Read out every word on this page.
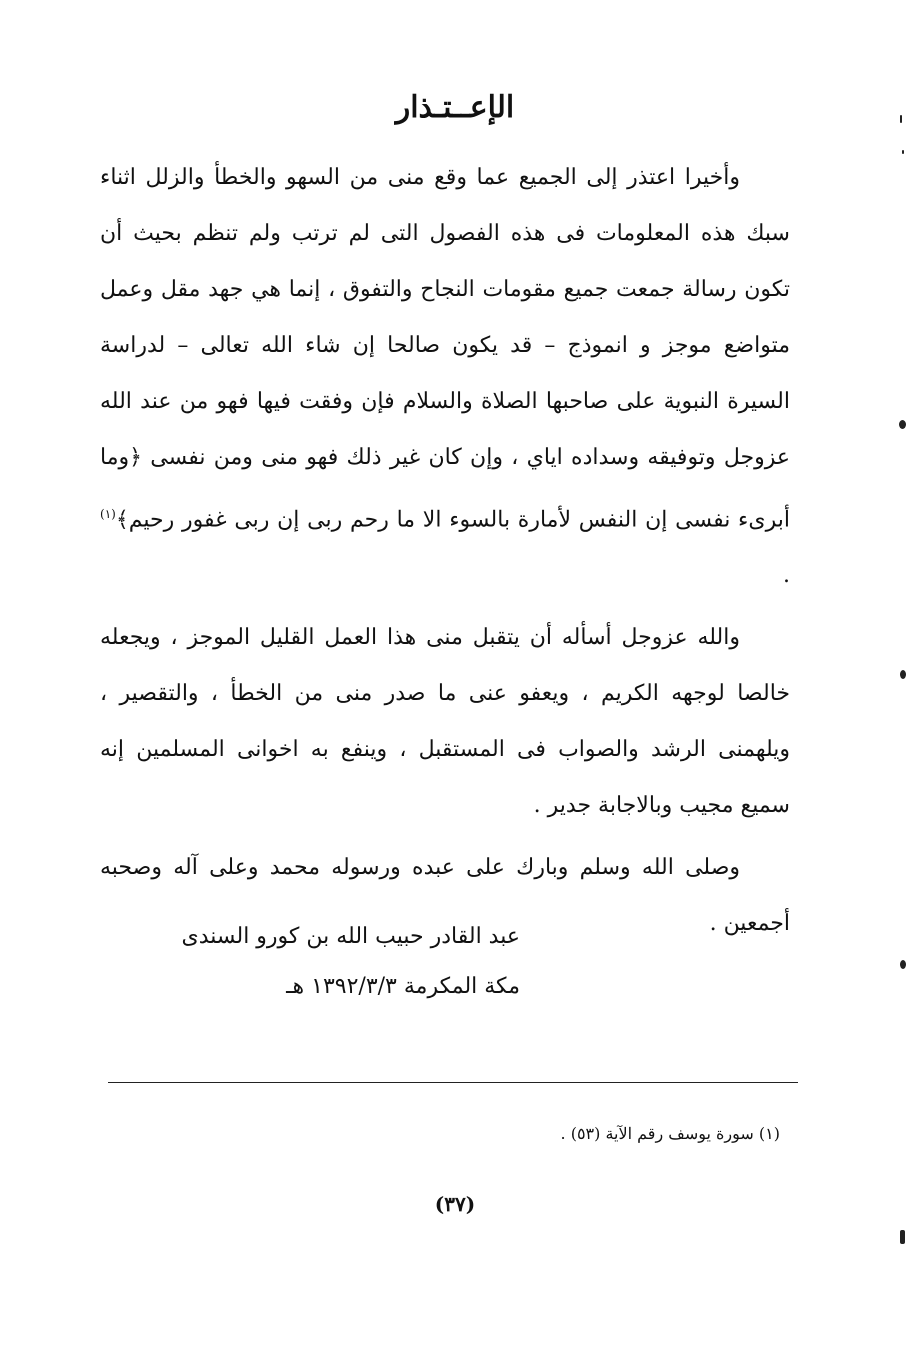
الإعــتـذار

وأخيرا اعتذر إلى الجميع عما وقع منى من السهو والخطأ والزلل اثناء سبك هذه المعلومات فى هذه الفصول التى لم ترتب ولم تنظم بحيث أن تكون رسالة جمعت جميع مقومات النجاح والتفوق ، إنما هي جهد مقل وعمل متواضع موجز و انموذج – قد يكون صالحا إن شاء الله تعالى – لدراسة السيرة النبوية على صاحبها الصلاة والسلام فإن وفقت فيها فهو من عند الله عزوجل وتوفيقه وسداده اياي ، وإن كان غير ذلك فهو منى ومن نفسى ﴿وما أبرىء نفسى إن النفس لأمارة بالسوء الا ما رحم ربى إن ربى غفور رحيم﴾$^{(١)}$ .

والله عزوجل أسأله أن يتقبل منى هذا العمل القليل الموجز ، ويجعله خالصا لوجهه الكريم ، ويعفو عنى ما صدر منى من الخطأ ، والتقصير ، ويلهمنى الرشد والصواب فى المستقبل ، وينفع به اخوانى المسلمين إنه سميع مجيب وبالاجابة جدير .

وصلى الله وسلم وبارك على عبده ورسوله محمد وعلى آله وصحبه أجمعين .

عبد القادر حبيب الله بن كورو السندى
مكة المكرمة ١٣٩٢/٣/٣ هـ
(١) سورة يوسف رقم الآية (٥٣) .
(٣٧)
